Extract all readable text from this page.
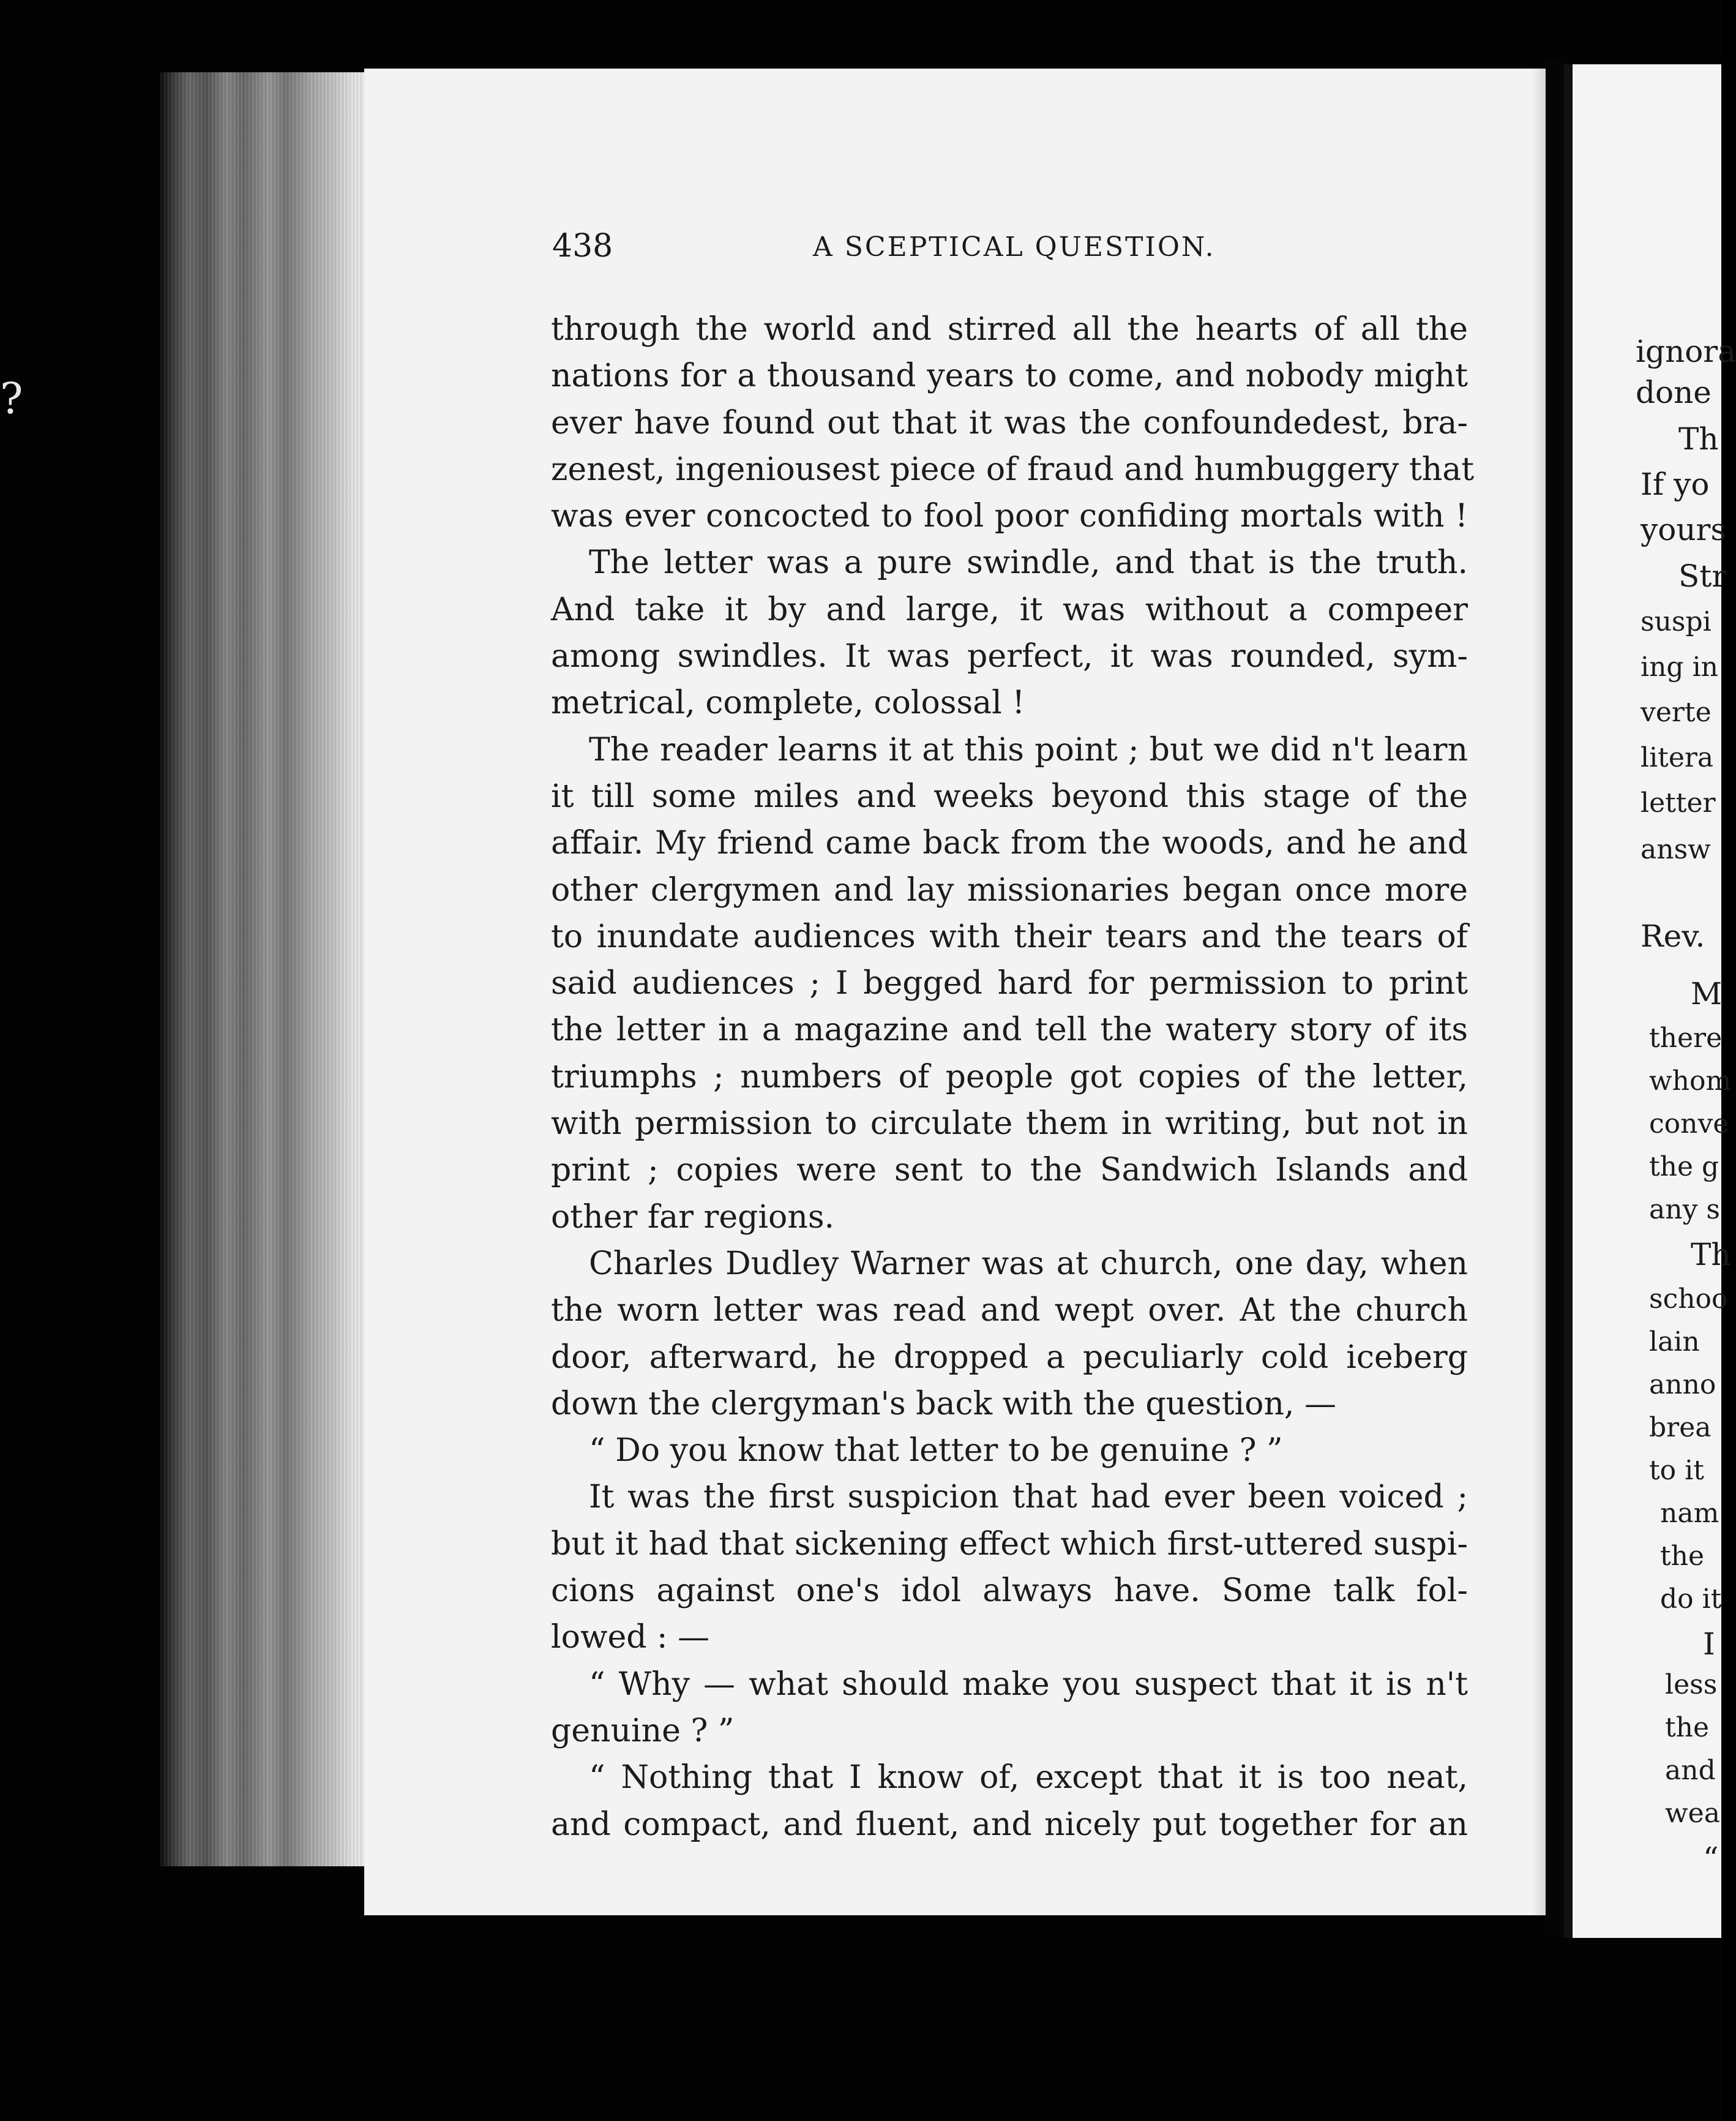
?
438	A SCEPTICAL QUESTION.
through the world and stirred all the hearts of all the
nations for a thousand years to come, and nobody might
ever have found out that it was the confoundedest, bra-
zenest, ingeniousest piece of fraud and humbuggery that
was ever concocted to fool poor confiding mortals with !
The letter was a pure swindle, and that is the truth.
And take it by and large, it was without a compeer
among swindles. It was perfect, it was rounded, sym-
metrical, complete, colossal !
The reader learns it at this point ; but we did n't learn
it till some miles and weeks beyond this stage of the
affair. My friend came back from the woods, and he and
other clergymen and lay missionaries began once more
to inundate audiences with their tears and the tears of
said audiences ; I begged hard for permission to print
the letter in a magazine and tell the watery story of its
triumphs ; numbers of people got copies of the letter,
with permission to circulate them in writing, but not in
print ; copies were sent to the Sandwich Islands and
other far regions.
Charles Dudley Warner was at church, one day, when
the worn letter was read and wept over. At the church
door, afterward, he dropped a peculiarly cold iceberg
down the clergyman's back with the question, —
“ Do you know that letter to be genuine ? ”
It was the first suspicion that had ever been voiced ;
but it had that sickening effect which first-uttered suspi-
cions against one's idol always have. Some talk fol-
lowed : —
“ Why — what should make you suspect that it is n't
genuine ? ”
“ Nothing that I know of, except that it is too neat,
and compact, and fluent, and nicely put together for an
ignora
done
Th
If yo
yours
Str
suspi
ing in
verte
litera
letter
answ
Rev.
M
there
whom
conve
the g
any s
Th
schoo
lain
anno
brea
to it
nam
the
do it
I
less
the
and
wea
“
